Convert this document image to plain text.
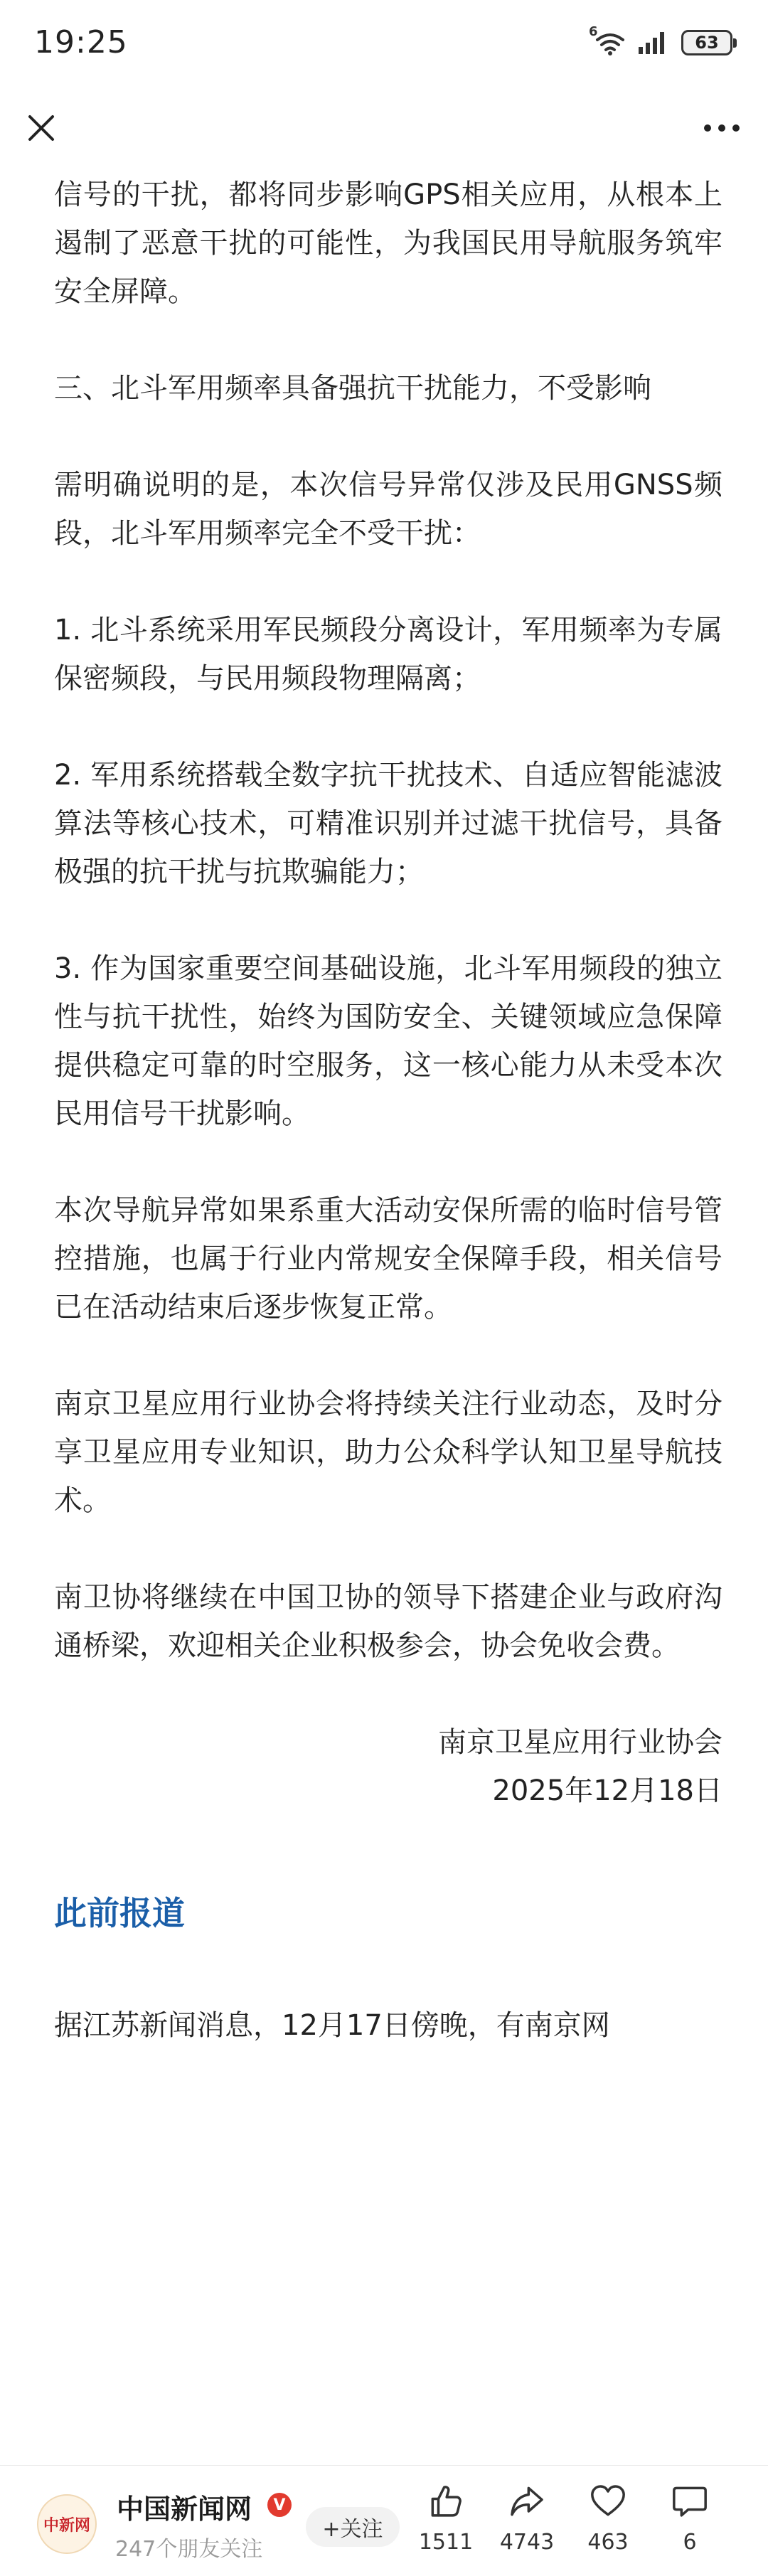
19:25	6
63

信号的干扰，都将同步影响GPS相关应用，从根本上遏制了恶意干扰的可能性，为我国民用导航服务筑牢安全屏障。

三、北斗军用频率具备强抗干扰能力，不受影响

需明确说明的是，本次信号异常仅涉及民用GNSS频段，北斗军用频率完全不受干扰：

1. 北斗系统采用军民频段分离设计，军用频率为专属保密频段，与民用频段物理隔离；

2. 军用系统搭载全数字抗干扰技术、自适应智能滤波算法等核心技术，可精准识别并过滤干扰信号，具备极强的抗干扰与抗欺骗能力；

3. 作为国家重要空间基础设施，北斗军用频段的独立性与抗干扰性，始终为国防安全、关键领域应急保障提供稳定可靠的时空服务，这一核心能力从未受本次民用信号干扰影响。

本次导航异常如果系重大活动安保所需的临时信号管控措施，也属于行业内常规安全保障手段，相关信号已在活动结束后逐步恢复正常。

南京卫星应用行业协会将持续关注行业动态，及时分享卫星应用专业知识，助力公众科学认知卫星导航技术。

南卫协将继续在中国卫协的领导下搭建企业与政府沟通桥梁，欢迎相关企业积极参会，协会免收会费。

南京卫星应用行业协会

2025年12月18日

此前报道

据江苏新闻消息，12月17日傍晚，有南京网

中新网
中国新闻网	V
247个朋友关注
+关注
1511 4743 463	6
